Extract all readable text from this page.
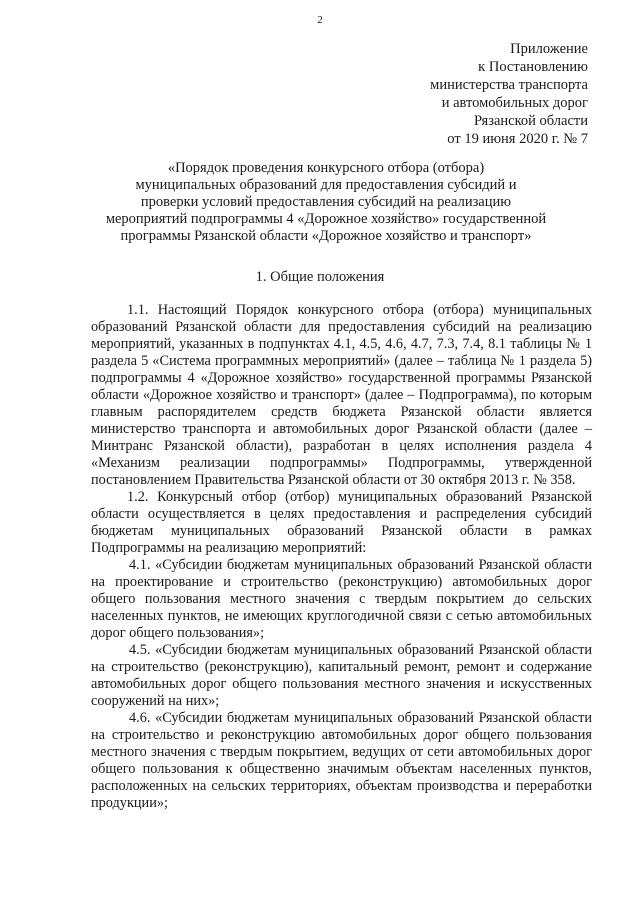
2
Приложение
к Постановлению
министерства транспорта
и автомобильных дорог
Рязанской области
от 19 июня 2020 г. № 7
«Порядок проведения конкурсного отбора (отбора)
муниципальных образований для предоставления субсидий и
проверки условий предоставления субсидий на реализацию
мероприятий подпрограммы 4 «Дорожное хозяйство» государственной
программы Рязанской области «Дорожное хозяйство и транспорт»
1. Общие положения

1.1. Настоящий Порядок конкурсного отбора (отбора) муниципальных образований Рязанской области для предоставления субсидий на реализацию мероприятий, указанных в подпунктах 4.1, 4.5, 4.6, 4.7, 7.3, 7.4, 8.1 таблицы № 1 раздела 5 «Система программных мероприятий» (далее – таблица № 1 раздела 5) подпрограммы 4 «Дорожное хозяйство» государственной программы Рязанской области «Дорожное хозяйство и транспорт» (далее – Подпрограмма), по которым главным распорядителем средств бюджета Рязанской области является министерство транспорта и автомобильных дорог Рязанской области (далее – Минтранс Рязанской области), разработан в целях исполнения раздела 4 «Механизм реализации подпрограммы» Подпрограммы, утвержденной постановлением Правительства Рязанской области от 30 октября 2013 г. № 358.

1.2. Конкурсный отбор (отбор) муниципальных образований Рязанской области осуществляется в целях предоставления и распределения субсидий бюджетам муниципальных образований Рязанской области в рамках Подпрограммы на реализацию мероприятий:

4.1. «Субсидии бюджетам муниципальных образований Рязанской области на проектирование и строительство (реконструкцию) автомобильных дорог общего пользования местного значения с твердым покрытием до сельских населенных пунктов, не имеющих круглогодичной связи с сетью автомобильных дорог общего пользования»;

4.5. «Субсидии бюджетам муниципальных образований Рязанской области на строительство (реконструкцию), капитальный ремонт, ремонт и содержание автомобильных дорог общего пользования местного значения и искусственных сооружений на них»;

4.6. «Субсидии бюджетам муниципальных образований Рязанской области на строительство и реконструкцию автомобильных дорог общего пользования местного значения с твердым покрытием, ведущих от сети автомобильных дорог общего пользования к общественно значимым объектам населенных пунктов, расположенных на сельских территориях, объектам производства и переработки продукции»;
